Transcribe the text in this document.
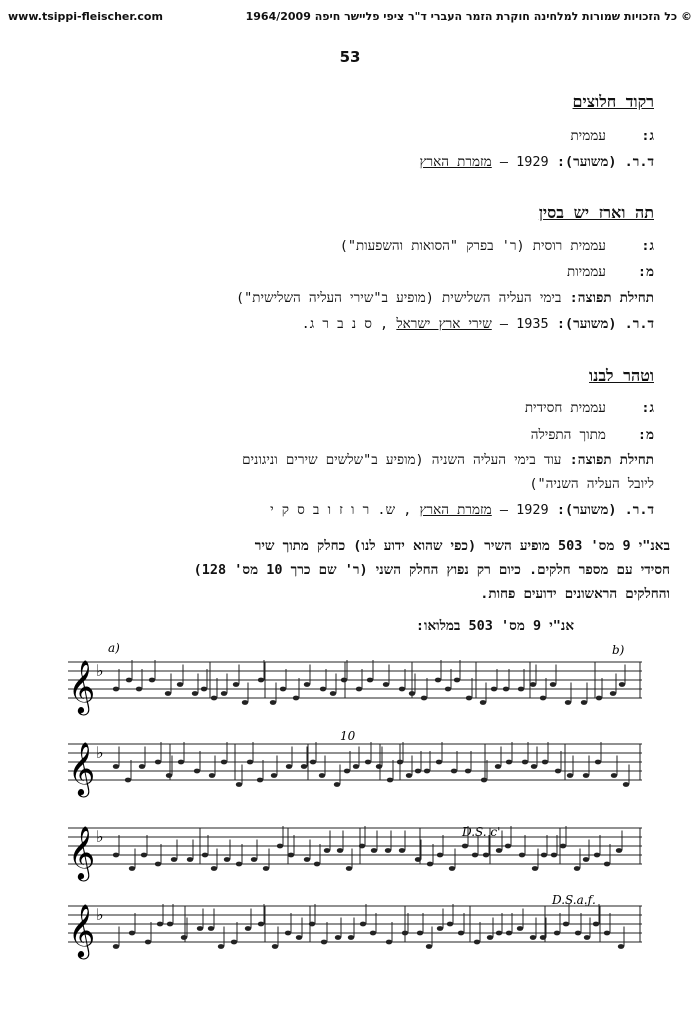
www.tsippi-fleischer.com	© כל הזכויות שמורות למלחינה חוקרת הזמר העברי ד"ר ציפי פליישר חיפה 1964/2009
53
רקוד חלוצים
ג: עממית
ד.ר. (משוער): 1929 – מזמרת הארץ
תה וארז יש בסין
ג: עממית רוסית (ר' בפרק "הסואות והשפעות")
מ: עממיות
תחילת תפוצה: בימי העליה השלישית (מופיע ב"שירי העליה השלישית")
ד.ר. (משוער): 1935 – שירי ארץ ישראל , ס נ ב ר ג.
וטהר לבנו
ג: עממית חסידית
מ: מתוך התפילה
תחילת תפוצה: עוד בימי העליה השניה (מופיע ב"שלשים שירים וניגונים
ליובל העליה השניה")
ד.ר. (משוער): 1929 – מזמרת הארץ , ש. ר ו ז ו ב ס ק י
באנ"י 9 מס' 503 מופיע השיר (כפי שהוא ידוע לנו) כחלק מתוך שיר
חסידי עם מספר חלקים. כיום רק נפוץ החלק השני (ר' שם כרך 10 מס' 128)
והחלקים הראשונים ידועים פחות.
אנ"י 9 מס' 503 במלואו:
a)	b)
D.S. c'
D.S.a.ƒ.
10
𝄞 ♭
𝄞 ♭
𝄞 ♭
𝄞 ♭
